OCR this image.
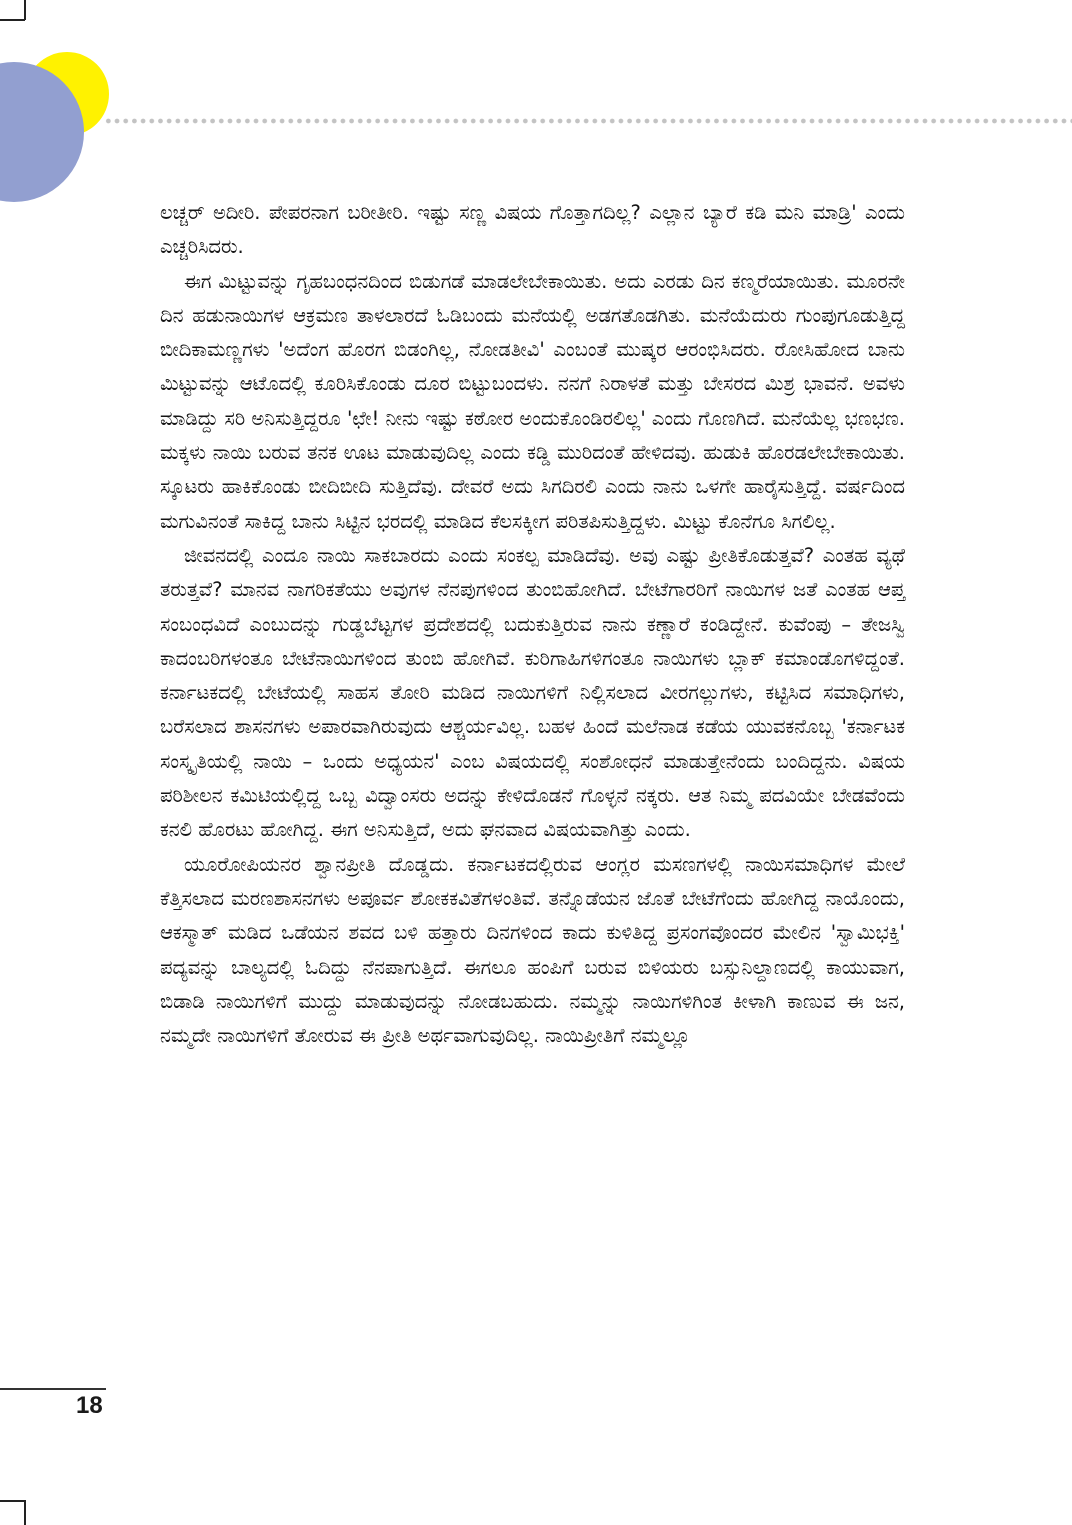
ಲಚ್ಚರ್ ಅದೀರಿ. ಪೇಪರನಾಗ ಬರೀತೀರಿ. ಇಷ್ಟು ಸಣ್ಣ ವಿಷಯ ಗೊತ್ತಾಗದಿಲ್ಲ? ಎಲ್ಲಾನ ಬ್ಯಾರೆ ಕಡಿ ಮನಿ ಮಾಡ್ರಿ' ಎಂದು ಎಚ್ಚರಿಸಿದರು.

ಈಗ ಮಿಟ್ಟುವನ್ನು ಗೃಹಬಂಧನದಿಂದ ಬಿಡುಗಡೆ ಮಾಡಲೇಬೇಕಾಯಿತು. ಅದು ಎರಡು ದಿನ ಕಣ್ಮರೆಯಾಯಿತು. ಮೂರನೇ ದಿನ ಹಡುನಾಯಿಗಳ ಆಕ್ರಮಣ ತಾಳಲಾರದೆ ಓಡಿಬಂದು ಮನೆಯಲ್ಲಿ ಅಡಗತೊಡಗಿತು. ಮನೆಯೆದುರು ಗುಂಪುಗೂಡುತ್ತಿದ್ದ ಬೀದಿಕಾಮಣ್ಣಗಳು 'ಅದೆಂಗ ಹೊರಗ ಬಿಡಂಗಿಲ್ಲ, ನೋಡತೀವಿ' ಎಂಬಂತೆ ಮುಷ್ಕರ ಆರಂಭಿಸಿದರು. ರೋಸಿಹೋದ ಬಾನು ಮಿಟ್ಟುವನ್ನು ಆಟೊದಲ್ಲಿ ಕೂರಿಸಿಕೊಂಡು ದೂರ ಬಿಟ್ಟುಬಂದಳು. ನನಗೆ ನಿರಾಳತೆ ಮತ್ತು ಬೇಸರದ ಮಿಶ್ರ ಭಾವನೆ. ಅವಳು ಮಾಡಿದ್ದು ಸರಿ ಅನಿಸುತ್ತಿದ್ದರೂ 'ಛೇ! ನೀನು ಇಷ್ಟು ಕಠೋರ ಅಂದುಕೊಂಡಿರಲಿಲ್ಲ' ಎಂದು ಗೊಣಗಿದೆ. ಮನೆಯೆಲ್ಲ ಭಣಭಣ. ಮಕ್ಕಳು ನಾಯಿ ಬರುವ ತನಕ ಊಟ ಮಾಡುವುದಿಲ್ಲ ಎಂದು ಕಡ್ಡಿ ಮುರಿದಂತೆ ಹೇಳಿದವು. ಹುಡುಕಿ ಹೊರಡಲೇಬೇಕಾಯಿತು. ಸ್ಕೂಟರು ಹಾಕಿಕೊಂಡು ಬೀದಿಬೀದಿ ಸುತ್ತಿದೆವು. ದೇವರೆ ಅದು ಸಿಗದಿರಲಿ ಎಂದು ನಾನು ಒಳಗೇ ಹಾರೈಸುತ್ತಿದ್ದೆ. ವರ್ಷದಿಂದ ಮಗುವಿನಂತೆ ಸಾಕಿದ್ದ ಬಾನು ಸಿಟ್ಟಿನ ಭರದಲ್ಲಿ ಮಾಡಿದ ಕೆಲಸಕ್ಕೀಗ ಪರಿತಪಿಸುತ್ತಿದ್ದಳು. ಮಿಟ್ಟು ಕೊನೆಗೂ ಸಿಗಲಿಲ್ಲ.

ಜೀವನದಲ್ಲಿ ಎಂದೂ ನಾಯಿ ಸಾಕಬಾರದು ಎಂದು ಸಂಕಲ್ಪ ಮಾಡಿದೆವು. ಅವು ಎಷ್ಟು ಪ್ರೀತಿಕೊಡುತ್ತವೆ? ಎಂತಹ ವ್ಯಥೆ ತರುತ್ತವೆ? ಮಾನವ ನಾಗರಿಕತೆಯು ಅವುಗಳ ನೆನಪುಗಳಿಂದ ತುಂಬಿಹೋಗಿದೆ. ಬೇಟೆಗಾರರಿಗೆ ನಾಯಿಗಳ ಜತೆ ಎಂತಹ ಆಪ್ತ ಸಂಬಂಧವಿದೆ ಎಂಬುದನ್ನು ಗುಡ್ಡಬೆಟ್ಟಗಳ ಪ್ರದೇಶದಲ್ಲಿ ಬದುಕುತ್ತಿರುವ ನಾನು ಕಣ್ಣಾರೆ ಕಂಡಿದ್ದೇನೆ. ಕುವೆಂಪು – ತೇಜಸ್ವಿ ಕಾದಂಬರಿಗಳಂತೂ ಬೇಟೆನಾಯಿಗಳಿಂದ ತುಂಬಿ ಹೋಗಿವೆ. ಕುರಿಗಾಹಿಗಳಿಗಂತೂ ನಾಯಿಗಳು ಬ್ಲಾಕ್ ಕಮಾಂಡೊಗಳಿದ್ದಂತೆ. ಕರ್ನಾಟಕದಲ್ಲಿ ಬೇಟೆಯಲ್ಲಿ ಸಾಹಸ ತೋರಿ ಮಡಿದ ನಾಯಿಗಳಿಗೆ ನಿಲ್ಲಿಸಲಾದ ವೀರಗಲ್ಲುಗಳು, ಕಟ್ಟಿಸಿದ ಸಮಾಧಿಗಳು, ಬರೆಸಲಾದ ಶಾಸನಗಳು ಅಪಾರವಾಗಿರುವುದು ಆಶ್ಚರ್ಯವಿಲ್ಲ. ಬಹಳ ಹಿಂದೆ ಮಲೆನಾಡ ಕಡೆಯ ಯುವಕನೊಬ್ಬ 'ಕರ್ನಾಟಕ ಸಂಸ್ಕೃತಿಯಲ್ಲಿ ನಾಯಿ – ಒಂದು ಅಧ್ಯಯನ' ಎಂಬ ವಿಷಯದಲ್ಲಿ ಸಂಶೋಧನೆ ಮಾಡುತ್ತೇನೆಂದು ಬಂದಿದ್ದನು. ವಿಷಯ ಪರಿಶೀಲನ ಕಮಿಟಿಯಲ್ಲಿದ್ದ ಒಬ್ಬ ವಿದ್ವಾಂಸರು ಅದನ್ನು ಕೇಳಿದೊಡನೆ ಗೊಳ್ಳನೆ ನಕ್ಕರು. ಆತ ನಿಮ್ಮ ಪದವಿಯೇ ಬೇಡವೆಂದು ಕನಲಿ ಹೊರಟು ಹೋಗಿದ್ದ. ಈಗ ಅನಿಸುತ್ತಿದೆ, ಅದು ಘನವಾದ ವಿಷಯವಾಗಿತ್ತು ಎಂದು.

ಯೂರೋಪಿಯನರ ಶ್ವಾನಪ್ರೀತಿ ದೊಡ್ಡದು. ಕರ್ನಾಟಕದಲ್ಲಿರುವ ಆಂಗ್ಲರ ಮಸಣಗಳಲ್ಲಿ ನಾಯಿಸಮಾಧಿಗಳ ಮೇಲೆ ಕೆತ್ತಿಸಲಾದ ಮರಣಶಾಸನಗಳು ಅಪೂರ್ವ ಶೋಕಕವಿತೆಗಳಂತಿವೆ. ತನ್ನೊಡೆಯನ ಜೊತೆ ಬೇಟೆಗೆಂದು ಹೋಗಿದ್ದ ನಾಯೊಂದು, ಆಕಸ್ಮಾತ್ ಮಡಿದ ಒಡೆಯನ ಶವದ ಬಳಿ ಹತ್ತಾರು ದಿನಗಳಿಂದ ಕಾದು ಕುಳಿತಿದ್ದ ಪ್ರಸಂಗವೊಂದರ ಮೇಲಿನ 'ಸ್ವಾಮಿಭಕ್ತಿ' ಪದ್ಯವನ್ನು ಬಾಲ್ಯದಲ್ಲಿ ಓದಿದ್ದು ನೆನಪಾಗುತ್ತಿದೆ. ಈಗಲೂ ಹಂಪಿಗೆ ಬರುವ ಬಿಳಿಯರು ಬಸ್ಸುನಿಲ್ದಾಣದಲ್ಲಿ ಕಾಯುವಾಗ, ಬಿಡಾಡಿ ನಾಯಿಗಳಿಗೆ ಮುದ್ದು ಮಾಡುವುದನ್ನು ನೋಡಬಹುದು. ನಮ್ಮನ್ನು ನಾಯಿಗಳಿಗಿಂತ ಕೀಳಾಗಿ ಕಾಣುವ ಈ ಜನ, ನಮ್ಮದೇ ನಾಯಿಗಳಿಗೆ ತೋರುವ ಈ ಪ್ರೀತಿ ಅರ್ಥವಾಗುವುದಿಲ್ಲ. ನಾಯಿಪ್ರೀತಿಗೆ ನಮ್ಮಲ್ಲೂ

18
